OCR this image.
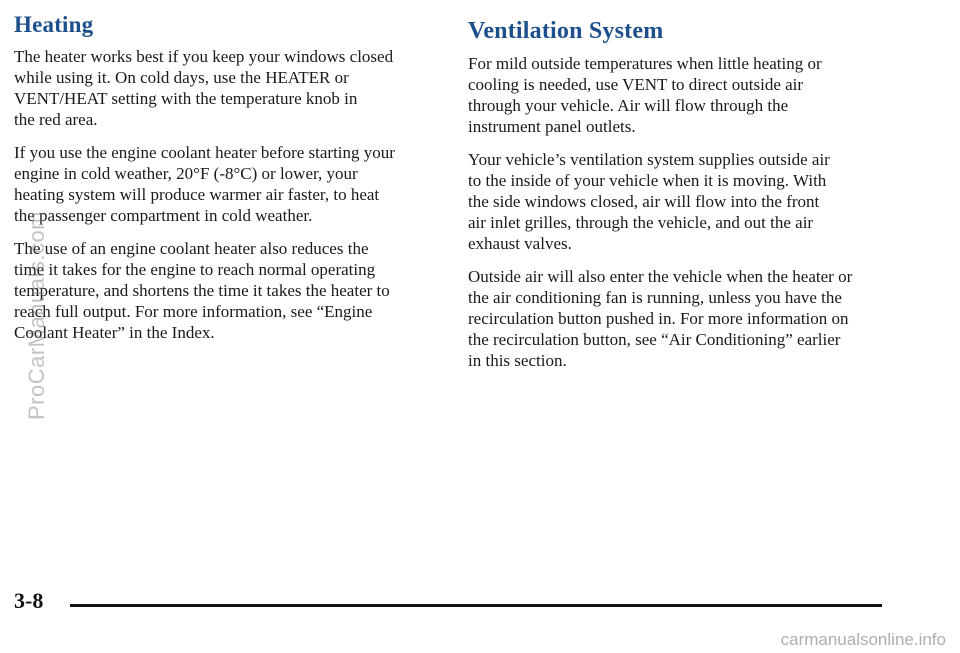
Heating

The heater works best if you keep your windows closed
while using it. On cold days, use the HEATER or
VENT/HEAT setting with the temperature knob in
the red area.

If you use the engine coolant heater before starting your
engine in cold weather, 20°F (-8°C) or lower, your
heating system will produce warmer air faster, to heat
the passenger compartment in cold weather.

The use of an engine coolant heater also reduces the
time it takes for the engine to reach normal operating
temperature, and shortens the time it takes the heater to
reach full output. For more information, see “Engine
Coolant Heater” in the Index.

Ventilation System

For mild outside temperatures when little heating or
cooling is needed, use VENT to direct outside air
through your vehicle. Air will flow through the
instrument panel outlets.

Your vehicle’s ventilation system supplies outside air
to the inside of your vehicle when it is moving. With
the side windows closed, air will flow into the front
air inlet grilles, through the vehicle, and out the air
exhaust valves.

Outside air will also enter the vehicle when the heater or
the air conditioning fan is running, unless you have the
recirculation button pushed in. For more information on
the recirculation button, see “Air Conditioning” earlier
in this section.

ProCarManuals.com
3-8
carmanualsonline.info
